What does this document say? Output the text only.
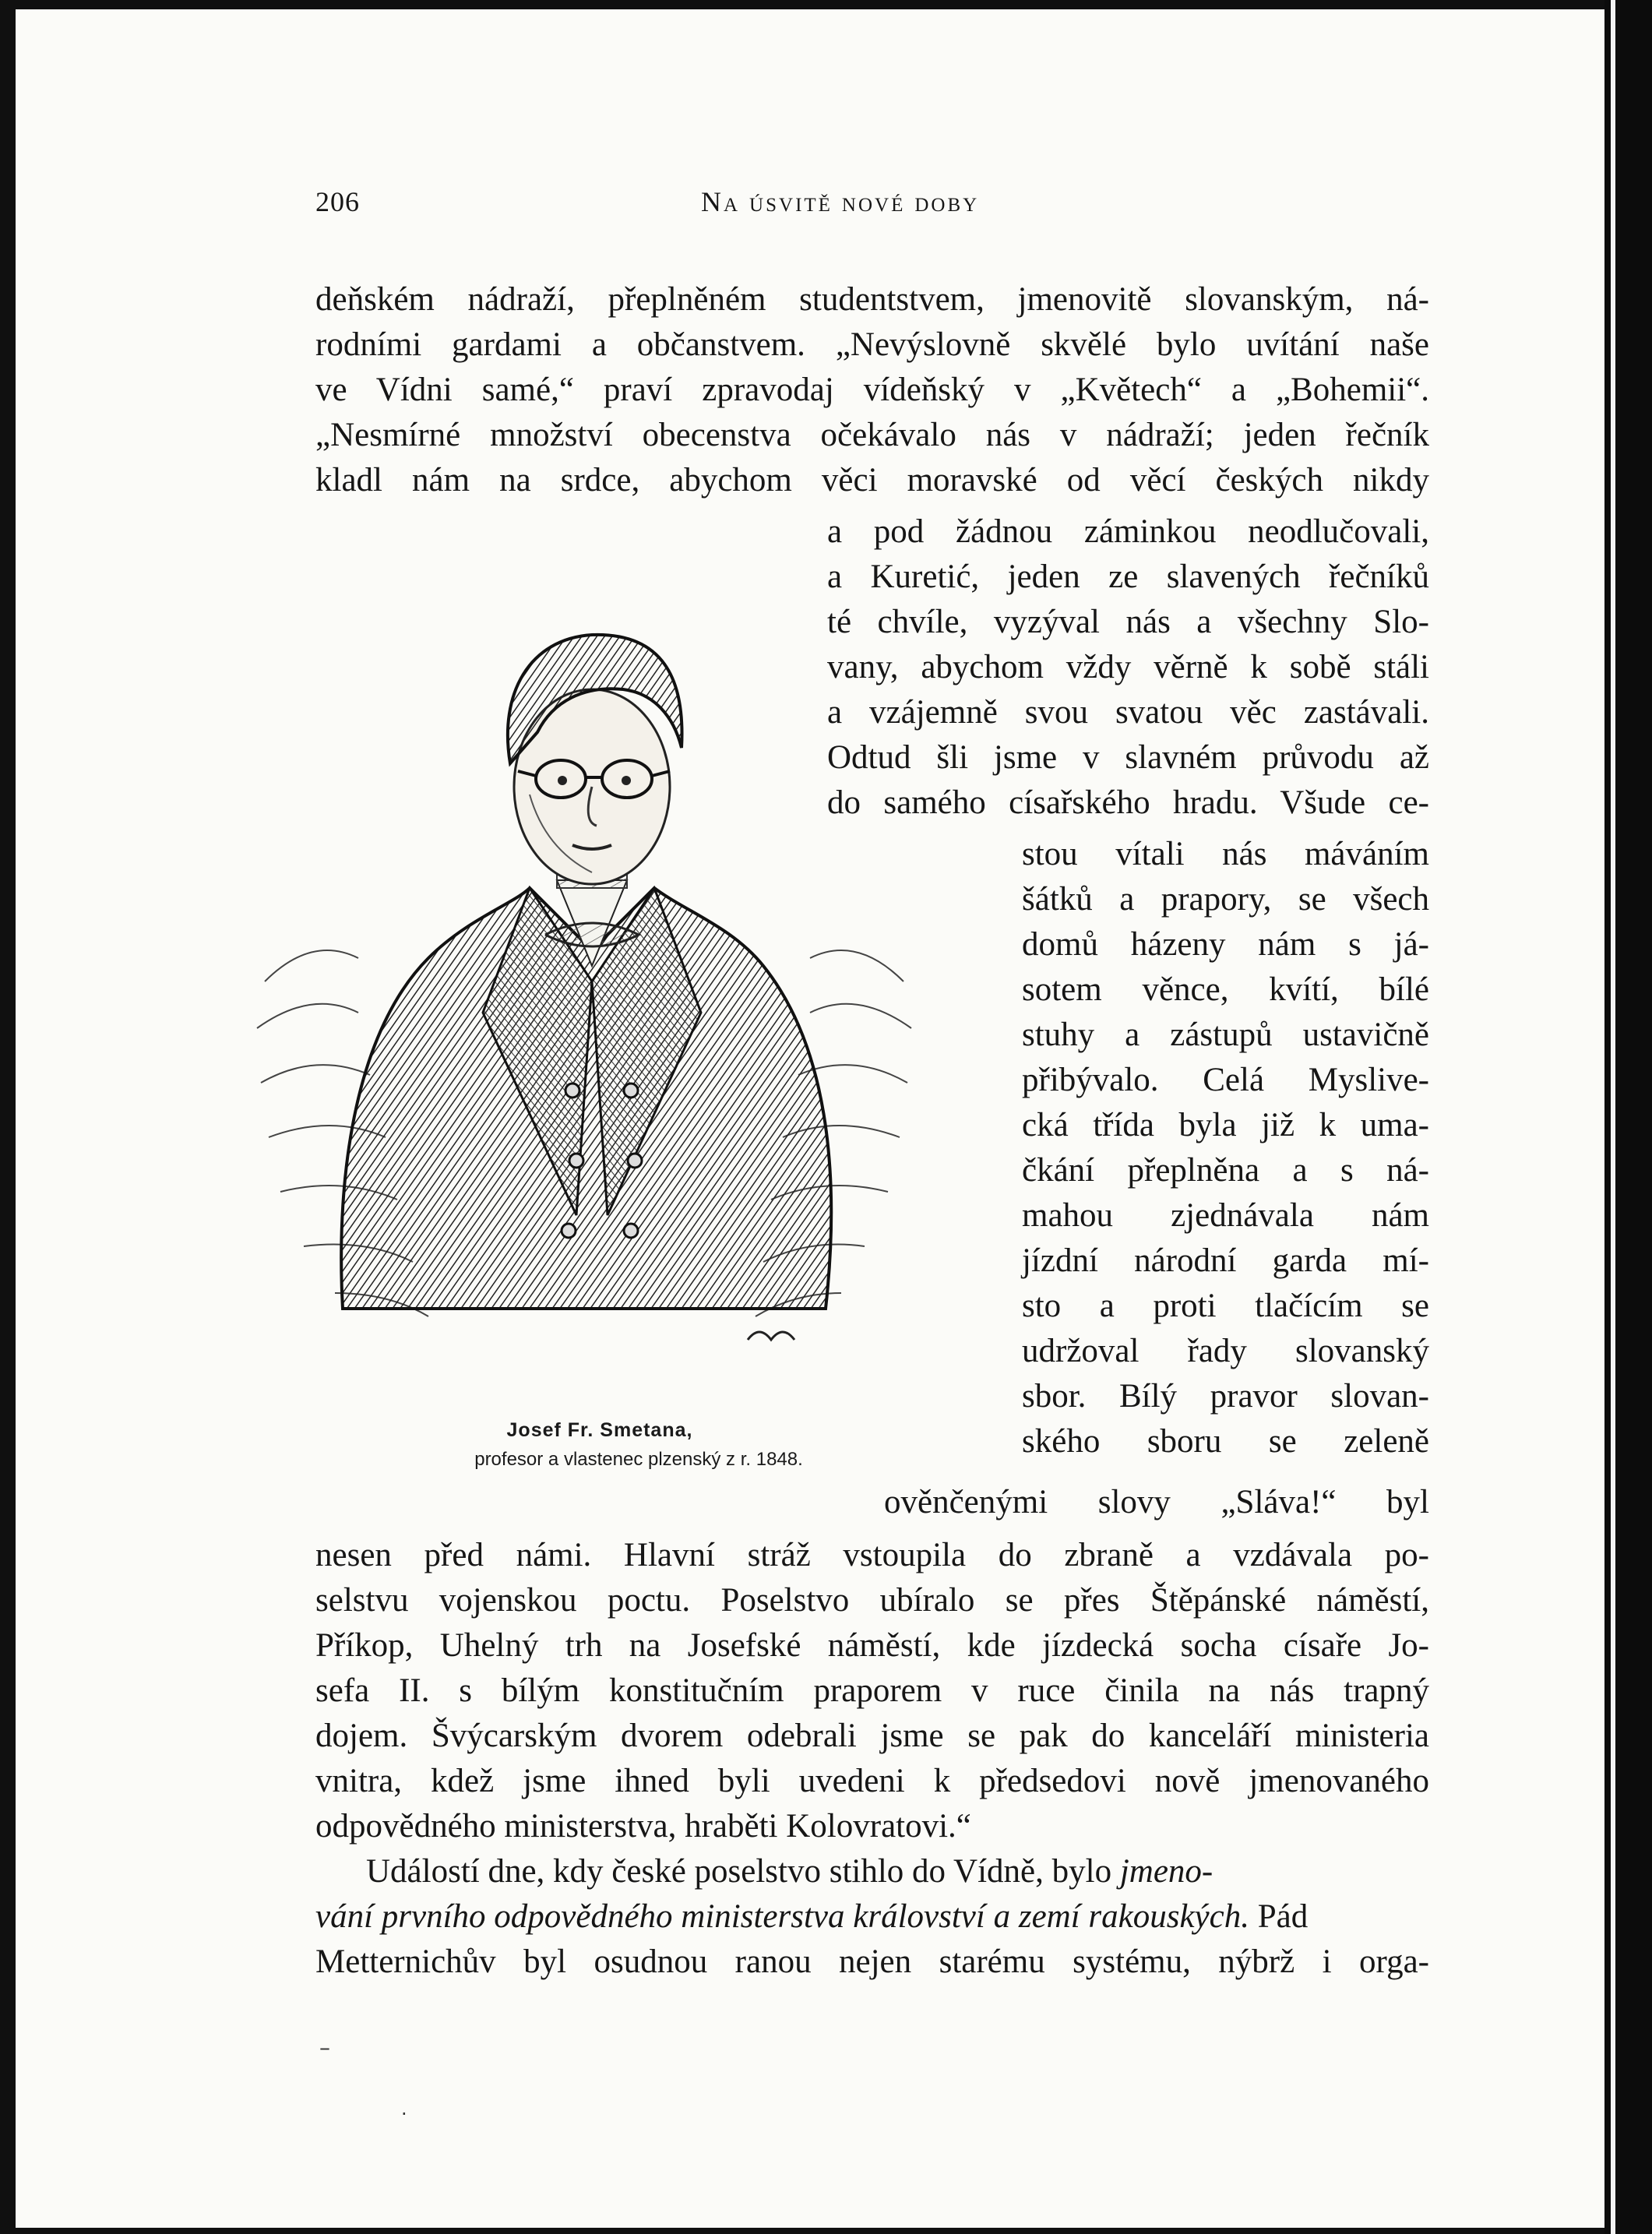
206	Na úsvitě nové doby
deňském nádraží, přeplněném studentstvem, jmenovitě slovanským, ná-
rodními gardami a občanstvem. „Nevýslovně skvělé bylo uvítání naše
ve Vídni samé,“ praví zpravodaj vídeňský v „Květech“ a „Bohemii“.
„Nesmírné množství obecenstva očekávalo nás v nádraží; jeden řečník
kladl nám na srdce, abychom věci moravské od věcí českých nikdy
a pod žádnou záminkou neodlučovali,
a Kuretić, jeden ze slavených řečníků
té chvíle, vyzýval nás a všechny Slo-
vany, abychom vždy věrně k sobě stáli
a vzájemně svou svatou věc zastávali.
Odtud šli jsme v slavném průvodu až
do samého císařského hradu. Všude ce-
stou vítali nás máváním
šátků a prapory, se všech
domů házeny nám s já-
sotem věnce, kvítí, bílé
stuhy a zástupů ustavičně
přibývalo. Celá Myslive-
cká třída byla již k uma-
čkání přeplněna a s ná-
mahou zjednávala nám
jízdní národní garda mí-
sto a proti tlačícím se
udržoval řady slovanský
sbor. Bílý pravor slovan-
ského sboru se zeleně
ověnčenými slovy „Sláva!“ byl
nesen před námi. Hlavní stráž vstoupila do zbraně a vzdávala po-
selstvu vojenskou poctu. Poselstvo ubíralo se přes Štěpánské náměstí,
Příkop, Uhelný trh na Josefské náměstí, kde jízdecká socha císaře Jo-
sefa II. s bílým konstitučním praporem v ruce činila na nás trapný
dojem. Švýcarským dvorem odebrali jsme se pak do kanceláří ministeria
vnitra, kdež jsme ihned byli uvedeni k předsedovi nově jmenovaného
odpovědného ministerstva, hraběti Kolovratovi.“
Událostí dne, kdy české poselstvo stihlo do Vídně, bylo jmeno-
vání prvního odpovědného ministerstva království a zemí rakouských. Pád
Metternichův byl osudnou ranou nejen starému systému, nýbrž i orga-
Josef Fr. Smetana,
profesor a vlastenec plzenský z r. 1848.
–
·
